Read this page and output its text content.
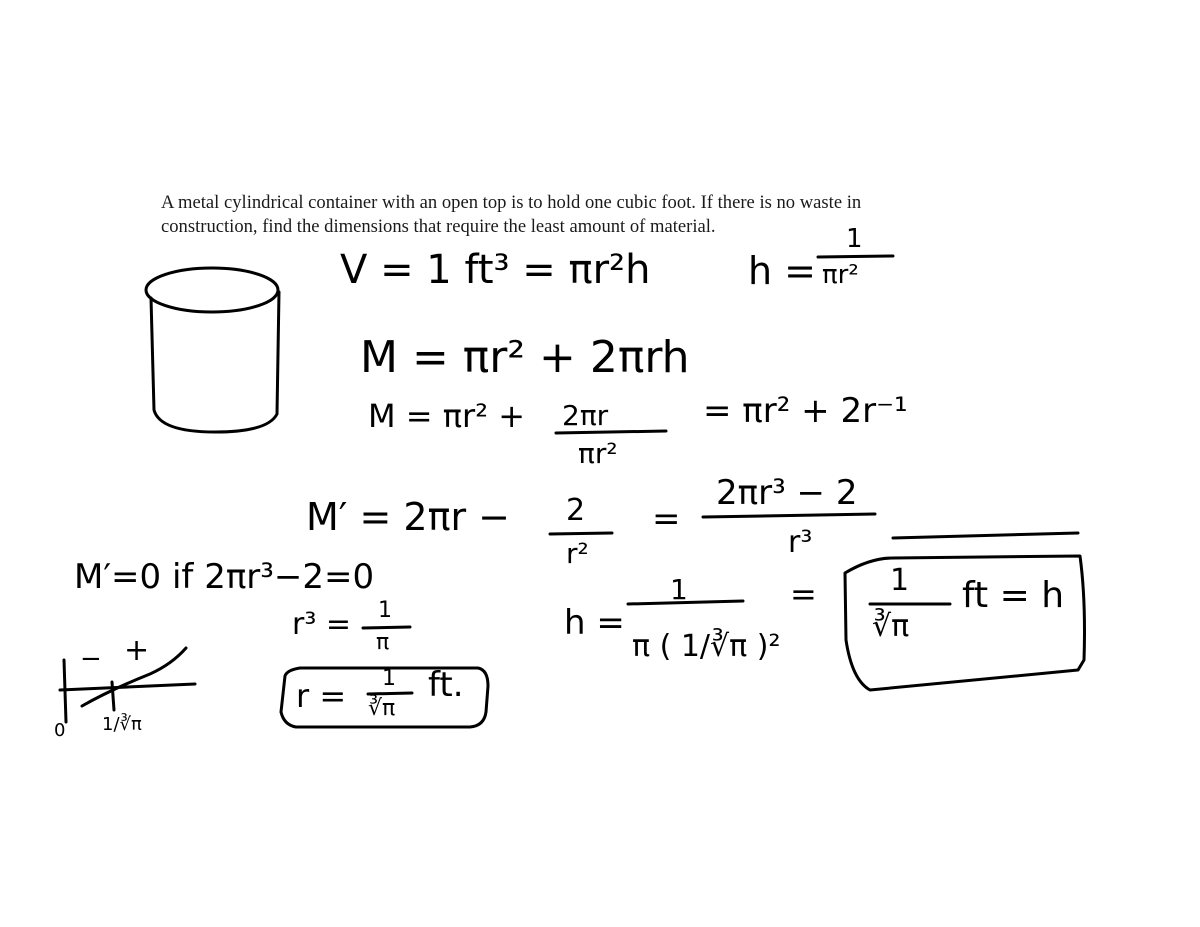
A metal cylindrical container with an open top is to hold one cubic foot. If there is no waste in
construction, find the dimensions that require the least amount of material.

V = 1 ft³ = πr²h	h =
1
πr²
M = πr² + 2πrh
M = πr² + 2πr
πr²
= πr² + 2r⁻¹
M′ = 2πr − 2
r²
=
2πr³ − 2
r³
M′=0 if 2πr³−2=0
r³ = 1
π
r = 1
∛π
ft.
h =
1
π ( 1/∛π )²
= 1
∛π
ft = h
− +
0 1/∛π
